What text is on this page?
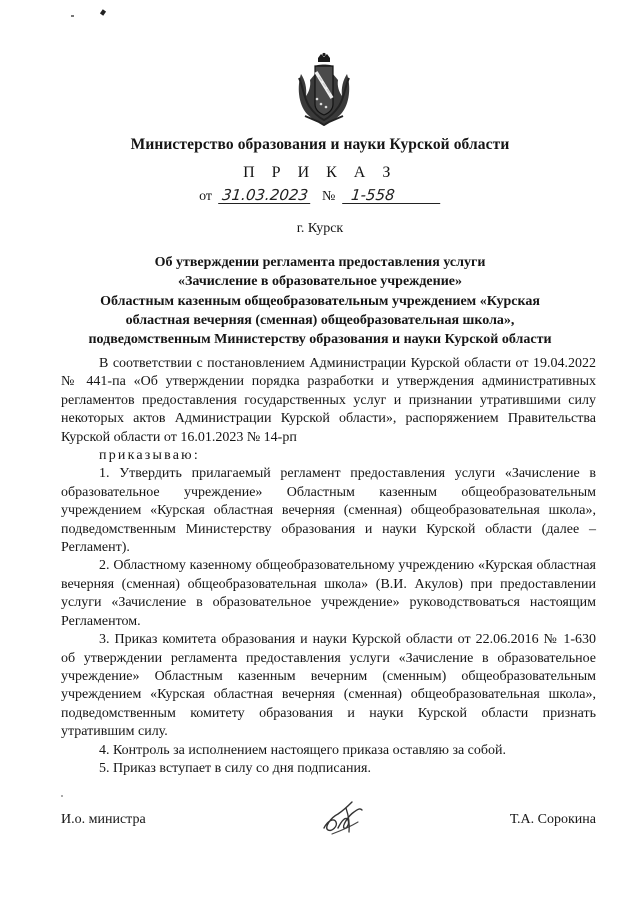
Министерство образования и науки Курской области
П Р И К А З
от 31.03.2023 № 1-558
г. Курск
Об утверждении регламента предоставления услуги
«Зачисление в образовательное учреждение»
Областным казенным общеобразовательным учреждением «Курская
областная вечерняя (сменная) общеобразовательная школа»,
подведомственным Министерству образования и науки Курской области

В соответствии с постановлением Администрации Курской области от 19.04.2022 № 441-па «Об утверждении порядка разработки и утверждения административных регламентов предоставления государственных услуг и признании утратившими силу некоторых актов Администрации Курской области», распоряжением Правительства Курской области от 16.01.2023 № 14-рп

приказываю:

1. Утвердить прилагаемый регламент предоставления услуги «Зачисление в образовательное учреждение» Областным казенным общеобразовательным учреждением «Курская областная вечерняя (сменная) общеобразовательная школа», подведомственным Министерству образования и науки Курской области (далее – Регламент).

2. Областному казенному общеобразовательному учреждению «Курская областная вечерняя (сменная) общеобразовательная школа» (В.И. Акулов) при предоставлении услуги «Зачисление в образовательное учреждение» руководствоваться настоящим Регламентом.

3. Приказ комитета образования и науки Курской области от 22.06.2016 № 1-630 об утверждении регламента предоставления услуги «Зачисление в образовательное учреждение» Областным казенным вечерним (сменным) общеобразовательным учреждением «Курская областная вечерняя (сменная) общеобразовательная школа», подведомственным комитету образования и науки Курской области признать утратившим силу.

4. Контроль за исполнением настоящего приказа оставляю за собой.

5. Приказ вступает в силу со дня подписания.

И.о. министра	Т.А. Сорокина
